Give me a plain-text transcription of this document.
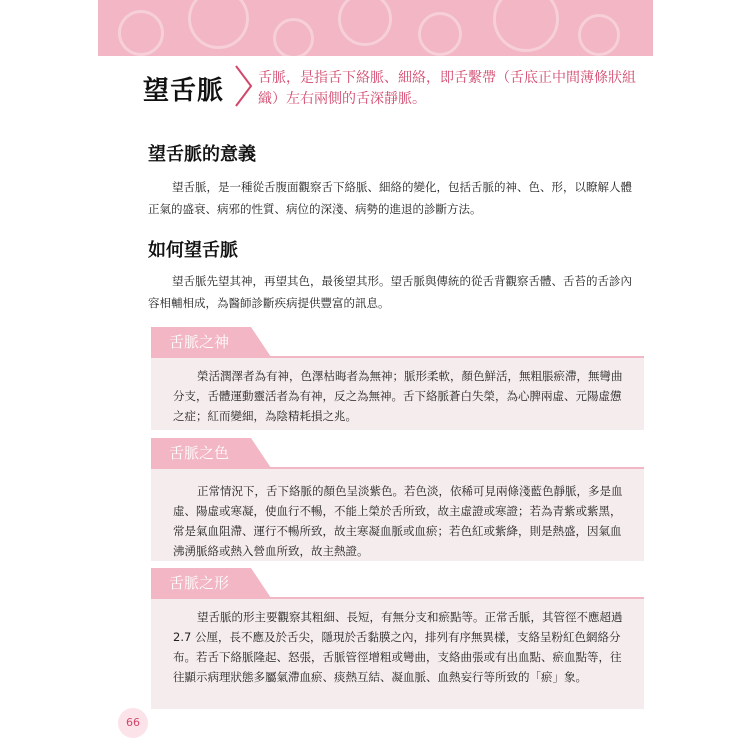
望舌脈 舌脈，是指舌下絡脈、細絡，即舌繫帶（舌底正中間薄條狀組織）左右兩側的舌深靜脈。
望舌脈的意義
望舌脈，是一種從舌腹面觀察舌下絡脈、細絡的變化，包括舌脈的神、色、形，以瞭解人體正氣的盛衰、病邪的性質、病位的深淺、病勢的進退的診斷方法。
如何望舌脈
望舌脈先望其神，再望其色，最後望其形。望舌脈與傳統的從舌背觀察舌體、舌苔的舌診內容相輔相成，為醫師診斷疾病提供豐富的訊息。
舌脈之神
榮活潤澤者為有神，色澤枯晦者為無神；脈形柔軟，顏色鮮活，無粗脹瘀滯，無彎曲分支，舌體運動靈活者為有神，反之為無神。舌下絡脈蒼白失榮，為心脾兩虛、元陽虛憊之症；紅而變細，為陰精耗損之兆。
舌脈之色
正常情況下，舌下絡脈的顏色呈淡紫色。若色淡，依稀可見兩條淺藍色靜脈，多是血虛、陽虛或寒凝，使血行不暢，不能上榮於舌所致，故主虛證或寒證；若為青紫或紫黑，常是氣血阻滯、運行不暢所致，故主寒凝血脈或血瘀；若色紅或紫絳，則是熱盛，因氣血沸湧脈絡或熱入營血所致，故主熱證。
舌脈之形
望舌脈的形主要觀察其粗細、長短，有無分支和瘀點等。正常舌脈，其管徑不應超過 2.7 公厘，長不應及於舌尖，隱現於舌黏膜之內，排列有序無異樣，支絡呈粉紅色網絡分布。若舌下絡脈隆起、怒張，舌脈管徑增粗或彎曲，支絡曲張或有出血點、瘀血點等，往往顯示病理狀態多屬氣滯血瘀、痰熱互結、凝血脈、血熱妄行等所致的「瘀」象。
66
